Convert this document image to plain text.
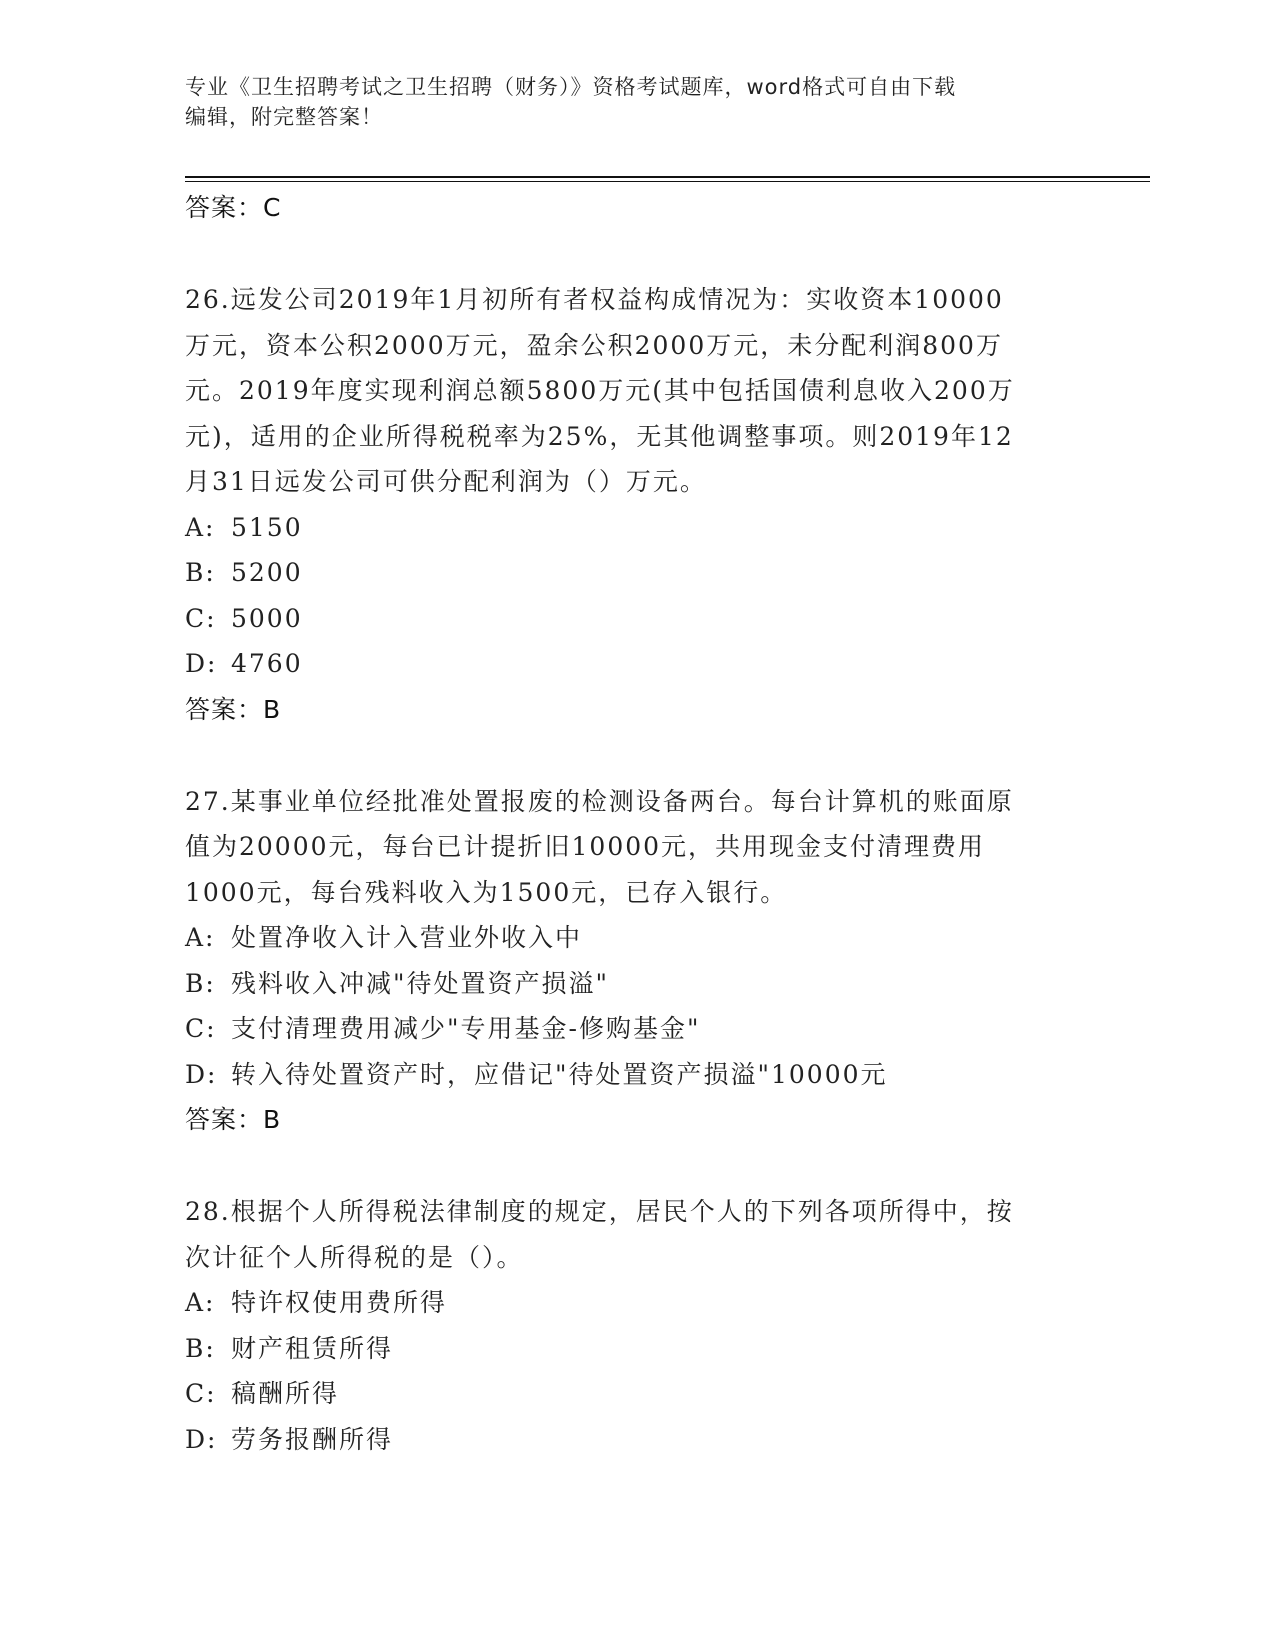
专业《卫生招聘考试之卫生招聘（财务）》资格考试题库，word格式可自由下载
编辑，附完整答案！
答案：C
26.远发公司2019年1月初所有者权益构成情况为：实收资本10000
万元，资本公积2000万元，盈余公积2000万元，未分配利润800万
元。2019年度实现利润总额5800万元(其中包括国债利息收入200万
元)，适用的企业所得税税率为25%，无其他调整事项。则2019年12
月31日远发公司可供分配利润为（）万元。
A: 5150
B: 5200
C: 5000
D: 4760
答案：B
27.某事业单位经批准处置报废的检测设备两台。每台计算机的账面原
值为20000元，每台已计提折旧10000元，共用现金支付清理费用
1000元，每台残料收入为1500元，已存入银行。
A: 处置净收入计入营业外收入中
B: 残料收入冲减"待处置资产损溢"
C: 支付清理费用减少"专用基金-修购基金"
D: 转入待处置资产时，应借记"待处置资产损溢"10000元
答案：B
28.根据个人所得税法律制度的规定，居民个人的下列各项所得中，按
次计征个人所得税的是（）。
A: 特许权使用费所得
B: 财产租赁所得
C: 稿酬所得
D: 劳务报酬所得
